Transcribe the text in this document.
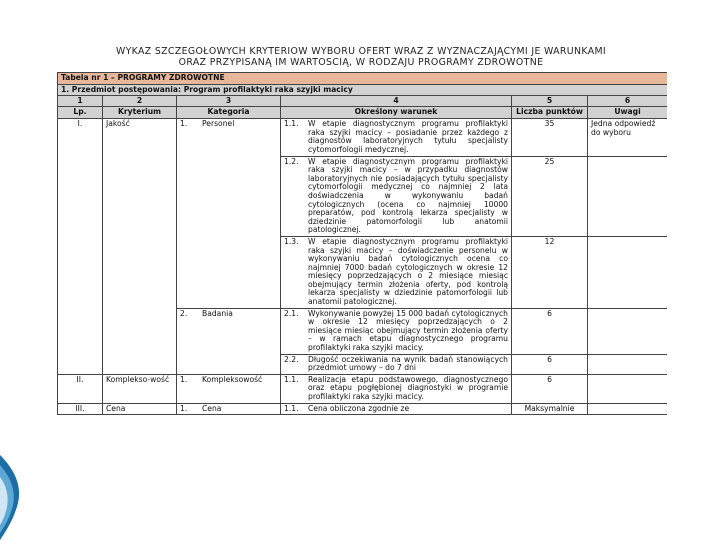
WYKAZ SZCZEGÓŁOWYCH KRYTERIÓW WYBORU OFERT WRAZ Z WYZNACZAJĄCYMI JE WARUNKAMI
ORAZ PRZYPISANĄ IM WARTOŚCIĄ, W RODZAJU PROGRAMY ZDROWOTNE
Tabela nr 1 – PROGRAMY ZDROWOTNE					
1. Przedmiot postępowania: Program profilaktyki raka szyjki macicy					
1	2	3	4	5	6
Lp.	Kryterium	Kategoria	Określony warunek	Liczba punktów	Uwagi
I.	Jakość	1. Personel	1.1. W etapie diagnostycznym programu profilaktyki raka szyjki macicy – posiadanie przez każdego z diagnostów laboratoryjnych tytułu specjalisty cytomorfologii medycznej.	35	Jedna odpowiedź do wyboru

			1.2. W etapie diagnostycznym programu profilaktyki raka szyjki macicy – w przypadku diagnostów laboratoryjnych nie posiadających tytułu specjalisty cytomorfologii medycznej co najmniej 2 lata doświadczenia w wykonywaniu badań cytologicznych (ocena co najmniej 10000 preparatów, pod kontrolą lekarza specjalisty w dziedzinie patomorfologii lub anatomii patologicznej.	25	

			1.3. W etapie diagnostycznym programu profilaktyki raka szyjki macicy – doświadczenie personelu w wykonywaniu badań cytologicznych ocena co najmniej 7000 badań cytologicznych w okresie 12 miesięcy poprzedzających o 2 miesiące miesiąc obejmujący termin złożenia oferty, pod kontrolą lekarza specjalisty w dziedzinie patomorfologii lub anatomii patologicznej.	12	
		2. Badania	2.1. Wykonywanie powyżej 15 000 badań cytologicznych w okresie 12 miesięcy poprzedzających o 2 miesiące miesiąc obejmujący termin złożenia oferty – w ramach etapu diagnostycznego programu profilaktyki raka szyjki macicy.	6	

			2.2. Długość oczekiwania na wynik badań stanowiących przedmiot umowy – do 7 dni	6	
II.	Komplekso-wość	1. Kompleksowość	1.1. Realizacja etapu podstawowego, diagnostycznego oraz etapu pogłębionej diagnostyki w programie profilaktyki raka szyjki macicy.	6	
III.	Cena	1. Cena	1.1. Cena obliczona zgodnie ze	Maksymalnie	
